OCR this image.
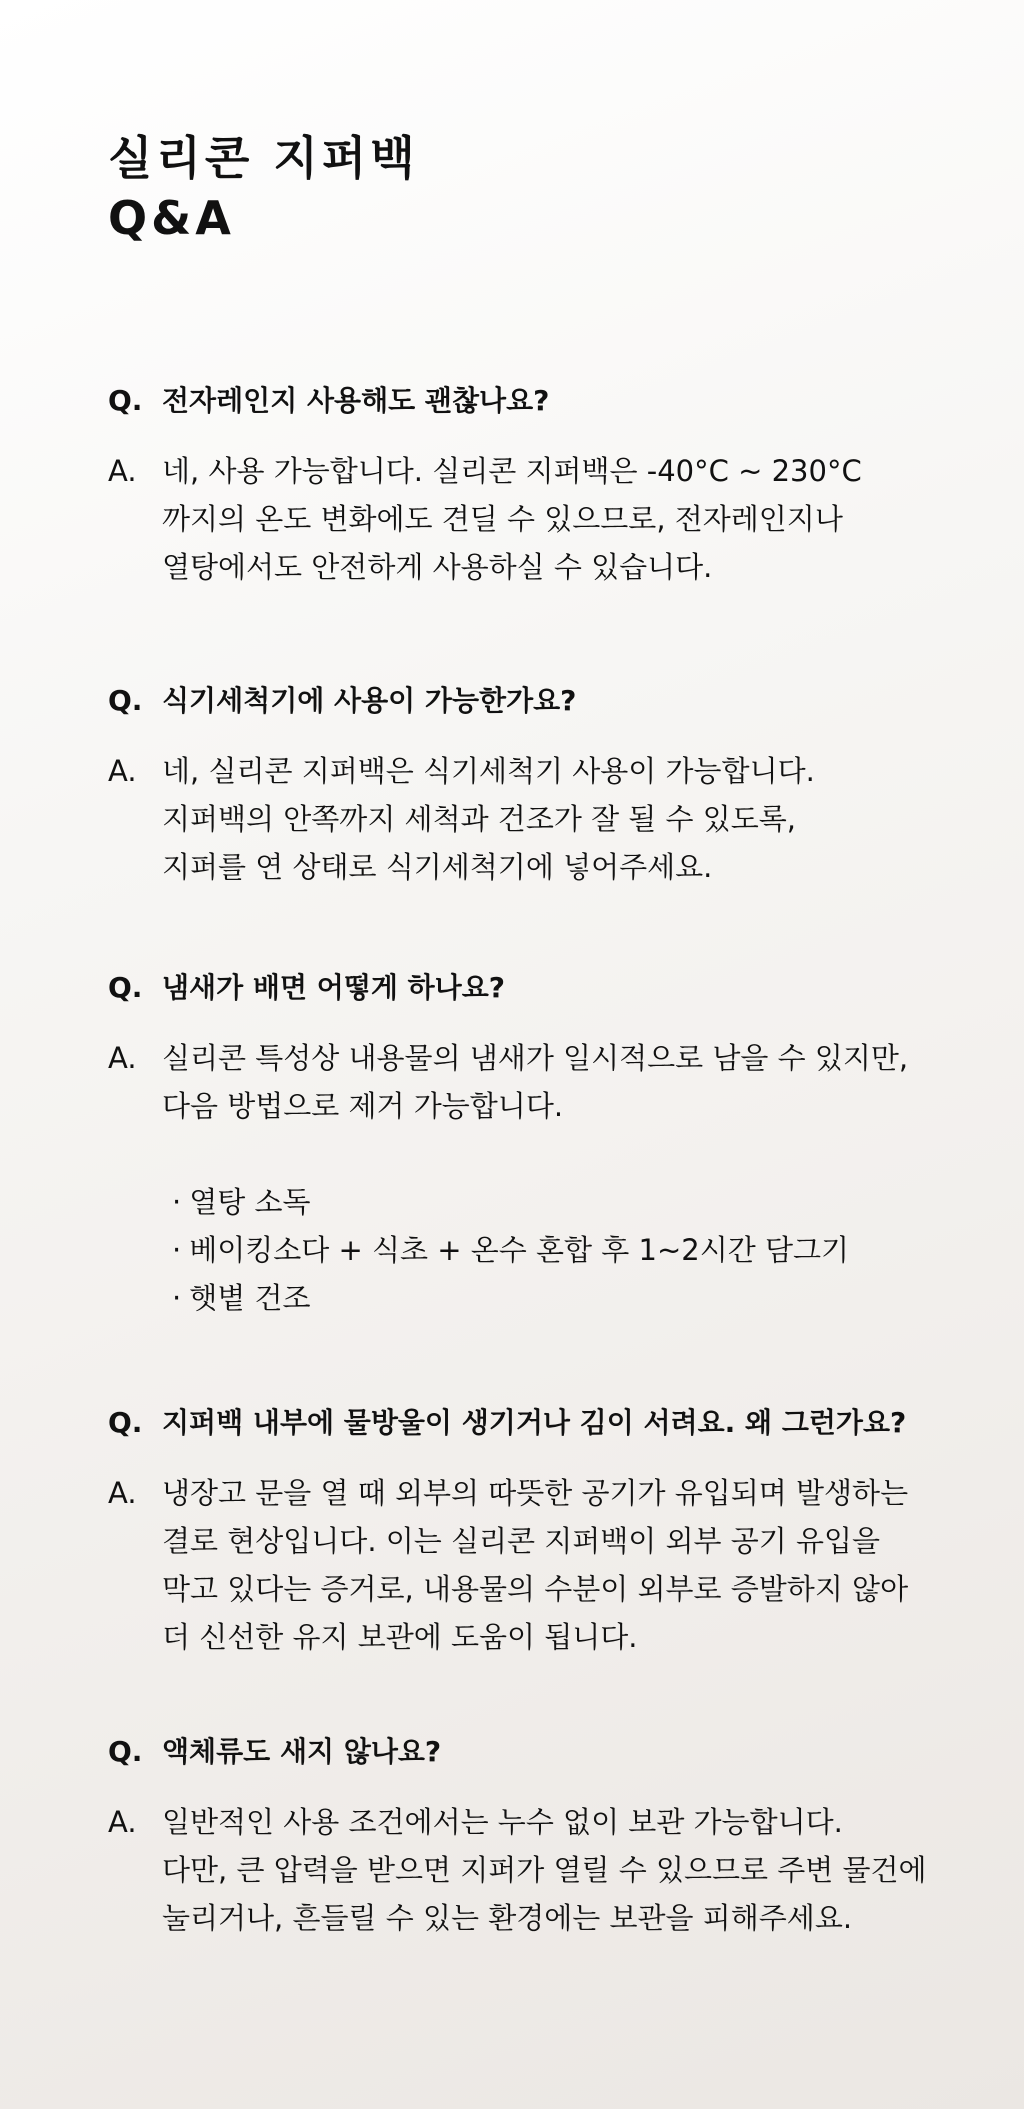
실리콘 지퍼백
Q&A
Q. 전자레인지 사용해도 괜찮나요?
A. 네, 사용 가능합니다. 실리콘 지퍼백은 -40°C ~ 230°C
까지의 온도 변화에도 견딜 수 있으므로, 전자레인지나
열탕에서도 안전하게 사용하실 수 있습니다.
Q. 식기세척기에 사용이 가능한가요?
A. 네, 실리콘 지퍼백은 식기세척기 사용이 가능합니다.
지퍼백의 안쪽까지 세척과 건조가 잘 될 수 있도록,
지퍼를 연 상태로 식기세척기에 넣어주세요.
Q. 냄새가 배면 어떻게 하나요?
A. 실리콘 특성상 내용물의 냄새가 일시적으로 남을 수 있지만,
다음 방법으로 제거 가능합니다.
· 열탕 소독
· 베이킹소다 + 식초 + 온수 혼합 후 1~2시간 담그기
· 햇볕 건조
Q. 지퍼백 내부에 물방울이 생기거나 김이 서려요. 왜 그런가요?
A. 냉장고 문을 열 때 외부의 따뜻한 공기가 유입되며 발생하는
결로 현상입니다. 이는 실리콘 지퍼백이 외부 공기 유입을
막고 있다는 증거로, 내용물의 수분이 외부로 증발하지 않아
더 신선한 유지 보관에 도움이 됩니다.
Q. 액체류도 새지 않나요?
A. 일반적인 사용 조건에서는 누수 없이 보관 가능합니다.
다만, 큰 압력을 받으면 지퍼가 열릴 수 있으므로 주변 물건에
눌리거나, 흔들릴 수 있는 환경에는 보관을 피해주세요.
